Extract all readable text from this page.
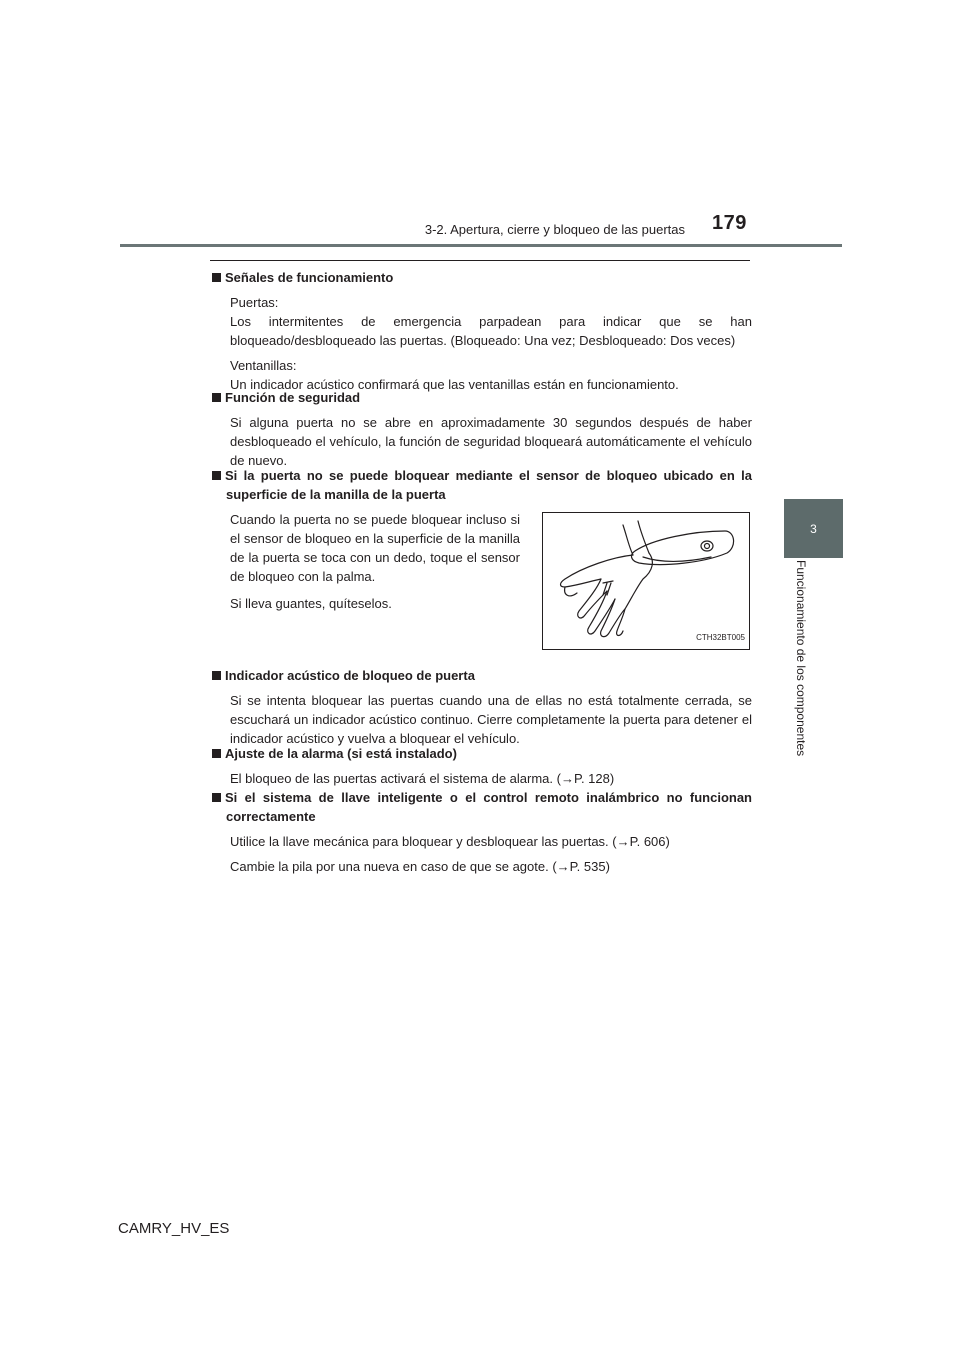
3-2. Apertura, cierre y bloqueo de las puertas 179
3
Funcionamiento de los componentes

Señales de funcionamiento

Puertas:
Los intermitentes de emergencia parpadean para indicar que se han bloqueado/desbloqueado las puertas. (Bloqueado: Una vez; Desbloqueado: Dos veces)

Ventanillas:
Un indicador acústico confirmará que las ventanillas están en funcionamiento.

Función de seguridad

Si alguna puerta no se abre en aproximadamente 30 segundos después de haber desbloqueado el vehículo, la función de seguridad bloqueará automáticamente el vehículo de nuevo.

Si la puerta no se puede bloquear mediante el sensor de bloqueo ubicado en la superficie de la manilla de la puerta

Cuando la puerta no se puede bloquear incluso si el sensor de bloqueo en la superficie de la manilla de la puerta se toca con un dedo, toque el sensor de bloqueo con la palma.

Si lleva guantes, quíteselos.

CTH32BT005

Indicador acústico de bloqueo de puerta

Si se intenta bloquear las puertas cuando una de ellas no está totalmente cerrada, se escuchará un indicador acústico continuo. Cierre completamente la puerta para detener el indicador acústico y vuelva a bloquear el vehículo.

Ajuste de la alarma (si está instalado)

El bloqueo de las puertas activará el sistema de alarma. (→P. 128)

Si el sistema de llave inteligente o el control remoto inalámbrico no funcionan correctamente

Utilice la llave mecánica para bloquear y desbloquear las puertas. (→P. 606)

Cambie la pila por una nueva en caso de que se agote. (→P. 535)

CAMRY_HV_ES
